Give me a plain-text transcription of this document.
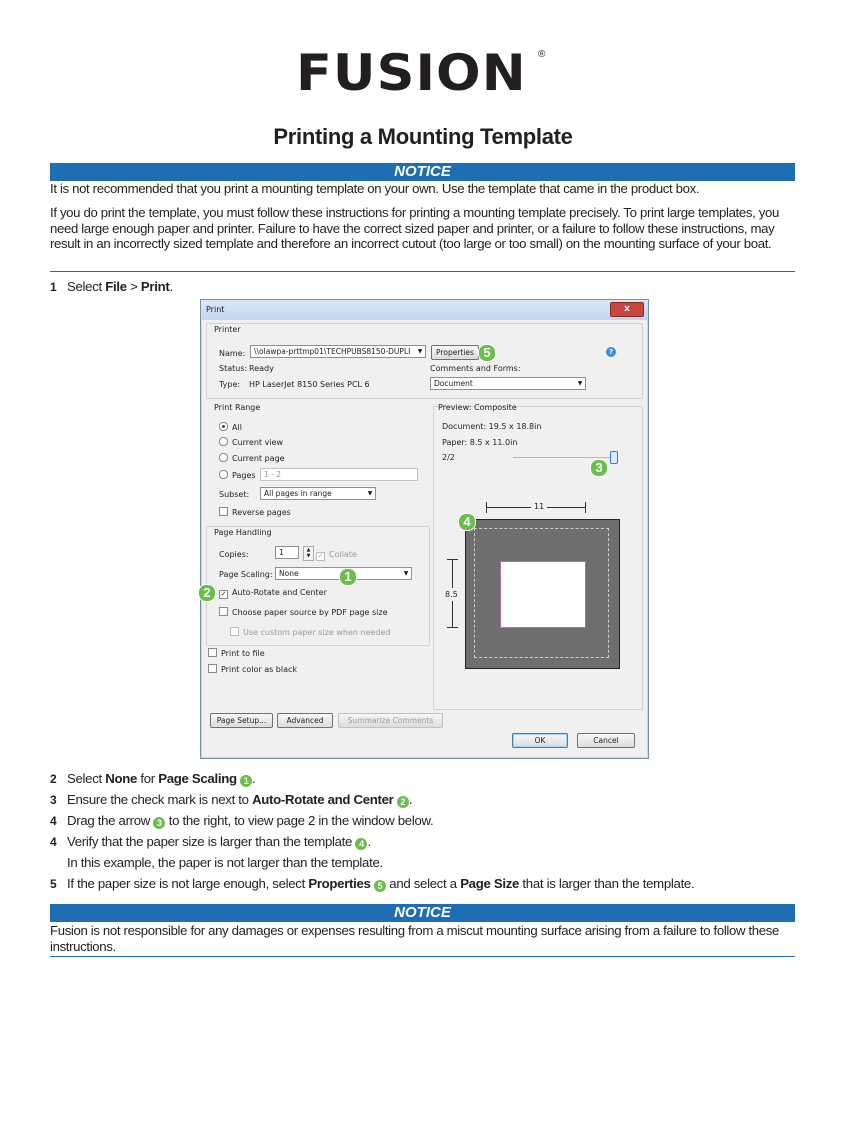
FUSION	®
Printing a Mounting Template
NOTICE
It is not recommended that you print a mounting template on your own. Use the template that came in the product box.
If you do print the template, you must follow these instructions for printing a mounting template precisely. To print large templates, you need large enough paper and printer. Failure to have the correct sized paper and printer, or a failure to follow these instructions, may result in an incorrectly sized template and therefore an incorrect cutout (too large or too small) on the mounting surface of your boat.
1 Select File > Print.
Print	x
Printer
Name:	\\olawpa-prttmp01\TECHPUBS8150-DUPLI	▼	Properties	?
Status: Ready
Type: HP LaserJet 8150 Series PCL 6
Comments and Forms:
Document	▼
Print Range
All
Current view
Current page
Pages	1 - 2
Subset:	All pages in range	▼
Reverse pages
Page Handling
Copies:	1	▲
▼	✓ Collate
Page Scaling: None	▼
✓ Auto-Rotate and Center
Choose paper source by PDF page size
Use custom paper size when needed
Print to file
Print color as black
Preview: Composite
Document: 19.5 x 18.8in
Paper: 8.5 x 11.0in
2/2
11
8.5
Page Setup...	Advanced	Summarize Comments
OK	Cancel
1
2
3
4
5
2 Select None for Page Scaling 1 .
3 Ensure the check mark is next to Auto-Rotate and Center 2 .
4 Drag the arrow 3 to the right, to view page 2 in the window below.
4 Verify that the paper size is larger than the template 4 .
In this example, the paper is not larger than the template.
5 If the paper size is not large enough, select Properties 5 and select a Page Size that is larger than the template.
NOTICE
Fusion is not responsible for any damages or expenses resulting from a miscut mounting surface arising from a failure to follow these instructions.
